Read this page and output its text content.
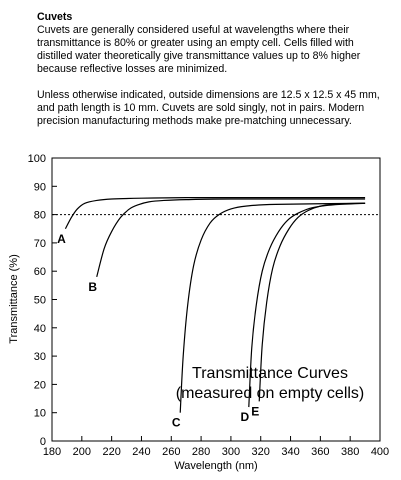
Cuvets
Cuvets are generally considered useful at wavelengths where their transmittance is 80% or greater using an empty cell. Cells filled with distilled water theoretically give transmittance values up to 8% higher because reflective losses are minimized.
Unless otherwise indicated, outside dimensions are 12.5 x 12.5 x 45 mm, and path length is 10 mm. Cuvets are sold singly, not in pairs. Modern precision manufacturing methods make pre-matching unnecessary.
180 200 220 240 260 280 300 320 340 360 380 400
0
10
20
30
40
50
60
70
80
90
100
A
B
C	D E
Transmittance Curves
(measured on empty cells)
Wavelength (nm)
Transmittance (%)
